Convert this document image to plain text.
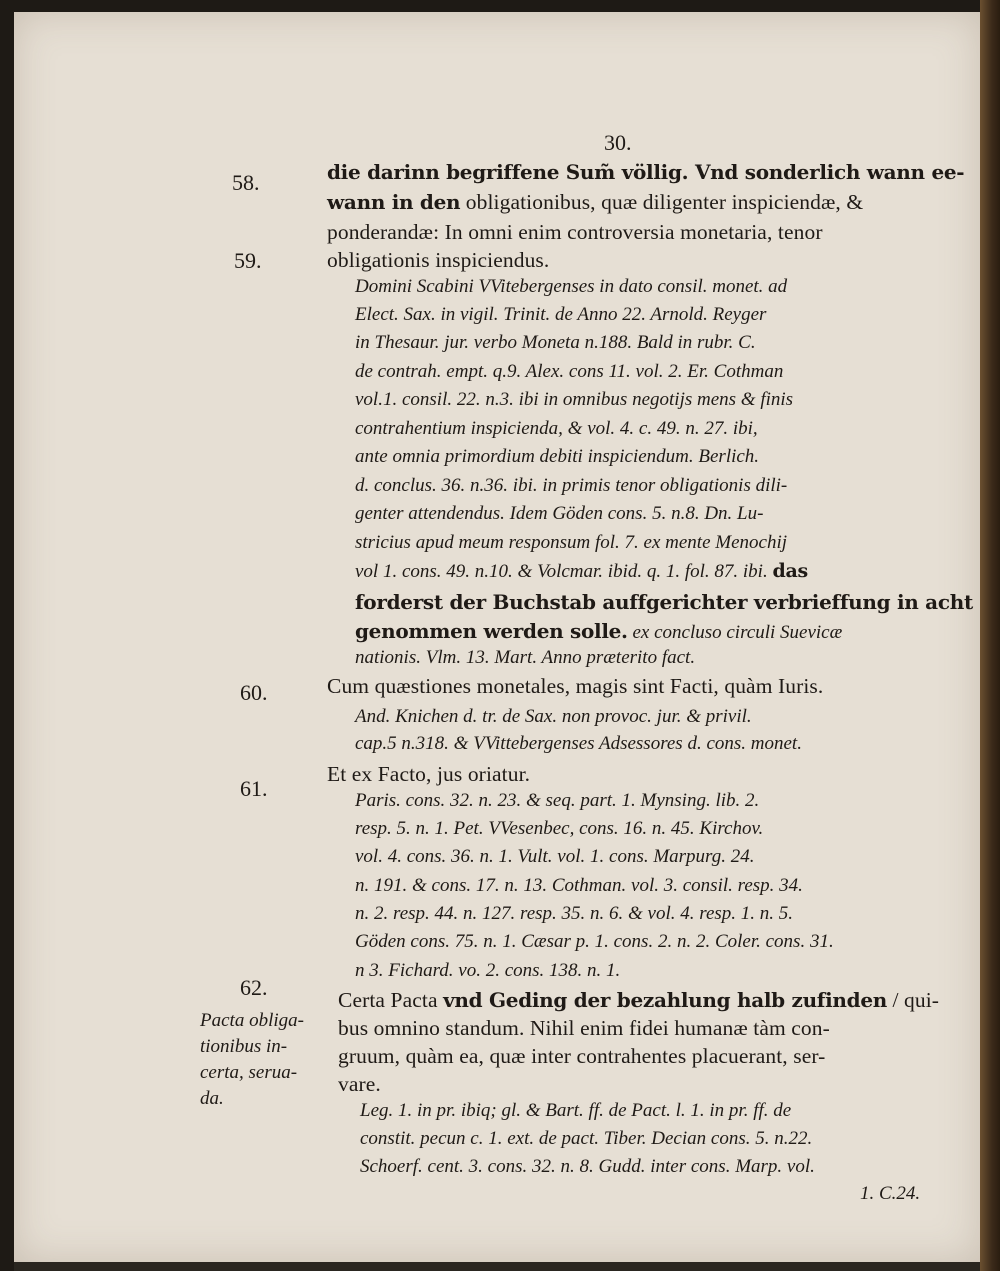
30.
58.
59.
60.
61.
62.
Pacta obliga-
tionibus in-
certa, serua-
da.
die darinn begriffene Sum̃ völlig. Vnd sonderlich wann ee-
wann in den obligationibus, quæ diligenter inspiciendæ, &
ponderandæ: In omni enim controversia monetaria, tenor
obligationis inspiciendus.
Domini Scabini VVitebergenses in dato consil. monet. ad
Elect. Sax. in vigil. Trinit. de Anno 22. Arnold. Reyger
in Thesaur. jur. verbo Moneta n.188. Bald in rubr. C.
de contrah. empt. q.9. Alex. cons 11. vol. 2. Er. Cothman
vol.1. consil. 22. n.3. ibi in omnibus negotijs mens & finis
contrahentium inspicienda, & vol. 4. c. 49. n. 27. ibi,
ante omnia primordium debiti inspiciendum. Berlich.
d. conclus. 36. n.36. ibi. in primis tenor obligationis dili-
genter attendendus. Idem Göden cons. 5. n.8. Dn. Lu-
stricius apud meum responsum fol. 7. ex mente Menochij
vol 1. cons. 49. n.10. & Volcmar. ibid. q. 1. fol. 87. ibi. das
forderst der Buchstab auffgerichter verbrieffung in acht
genommen werden solle. ex concluso circuli Suevicæ
nationis. Vlm. 13. Mart. Anno præterito fact.
Cum quæstiones monetales, magis sint Facti, quàm Iuris.
And. Knichen d. tr. de Sax. non provoc. jur. & privil.
cap.5 n.318. & VVittebergenses Adsessores d. cons. monet.
Et ex Facto, jus oriatur.
Paris. cons. 32. n. 23. & seq. part. 1. Mynsing. lib. 2.
resp. 5. n. 1. Pet. VVesenbec, cons. 16. n. 45. Kirchov.
vol. 4. cons. 36. n. 1. Vult. vol. 1. cons. Marpurg. 24.
n. 191. & cons. 17. n. 13. Cothman. vol. 3. consil. resp. 34.
n. 2. resp. 44. n. 127. resp. 35. n. 6. & vol. 4. resp. 1. n. 5.
Göden cons. 75. n. 1. Cæsar p. 1. cons. 2. n. 2. Coler. cons. 31.
n 3. Fichard. vo. 2. cons. 138. n. 1.
Certa Pacta vnd Geding der bezahlung halb zufinden / qui-
bus omnino standum. Nihil enim fidei humanæ tàm con-
gruum, quàm ea, quæ inter contrahentes placuerant, ser-
vare.
Leg. 1. in pr. ibiq; gl. & Bart. ff. de Pact. l. 1. in pr. ff. de
constit. pecun c. 1. ext. de pact. Tiber. Decian cons. 5. n.22.
Schoerf. cent. 3. cons. 32. n. 8. Gudd. inter cons. Marp. vol.
1. C.24.
